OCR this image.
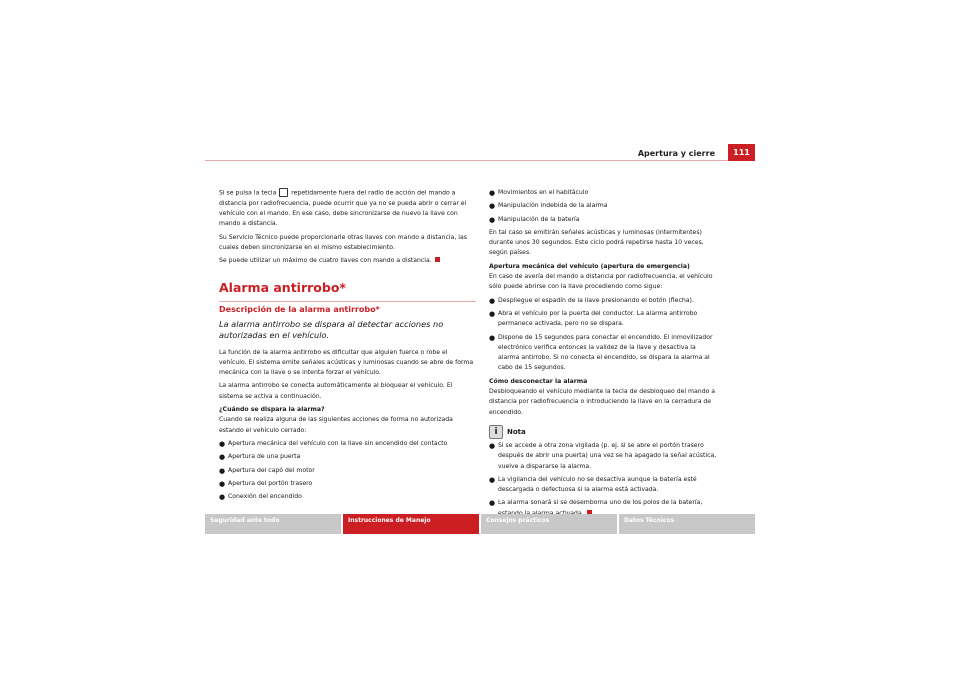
Apertura y cierre	111

Si se pulsa la tecla repetidamente fuera del radio de acción del mando a distancia por radiofrecuencia, puede ocurrir que ya no se pueda abrir o cerrar el vehículo con el mando. En ese caso, debe sincronizarse de nuevo la llave con mando a distancia.

Su Servicio Técnico puede proporcionarle otras llaves con mando a distancia, las cuales deben sincronizarse en el mismo establecimiento.

Se puede utilizar un máximo de cuatro llaves con mando a distancia.

Alarma antirrobo*
Descripción de la alarma antirrobo*
La alarma antirrobo se dispara al detectar acciones no autorizadas en el vehículo.

La función de la alarma antirrobo es dificultar que alguien fuerce o robe el vehículo. El sistema emite señales acústicas y luminosas cuando se abre de forma mecánica con la llave o se intenta forzar el vehículo.

La alarma antirrobo se conecta automáticamente al bloquear el vehículo. El sistema se activa a continuación.

¿Cuándo se dispara la alarma?

Cuando se realiza alguna de las siguientes acciones de forma no autorizada estando el vehículo cerrado:

● Apertura mecánica del vehículo con la llave sin encendido del contacto
● Apertura de una puerta
● Apertura del capó del motor
● Apertura del portón trasero
● Conexión del encendido
● Movimientos en el habitáculo
● Manipulación indebida de la alarma
● Manipulación de la batería

En tal caso se emitirán señales acústicas y luminosas (intermitentes) durante unos 30 segundos. Este ciclo podrá repetirse hasta 10 veces, según países.

Apertura mecánica del vehículo (apertura de emergencia)

En caso de avería del mando a distancia por radiofrecuencia, el vehículo sólo puede abrirse con la llave procediendo como sigue:

● Despliegue el espadín de la llave presionando el botón (flecha).
● Abra el vehículo por la puerta del conductor. La alarma antirrobo permanece activada, pero no se dispara.
● Dispone de 15 segundos para conectar el encendido. El inmovilizador electrónico verifica entonces la validez de la llave y desactiva la alarma antirrobo. Si no conecta el encendido, se dispara la alarma al cabo de 15 segundos.

Cómo desconectar la alarma

Desbloqueando el vehículo mediante la tecla de desbloqueo del mando a distancia por radiofrecuencia o introduciendo la llave en la cerradura de encendido.

i	Nota
● Si se accede a otra zona vigilada (p. ej. si se abre el portón trasero después de abrir una puerta) una vez se ha apagado la señal acústica, vuelve a dispararse la alarma.
● La vigilancia del vehículo no se desactiva aunque la batería esté descargada o defectuosa si la alarma está activada.
● La alarma sonará si se desemborna uno de los polos de la batería,
Seguridad ante todo	Instrucciones de Manejo	Consejos prácticos	Datos Técnicos
